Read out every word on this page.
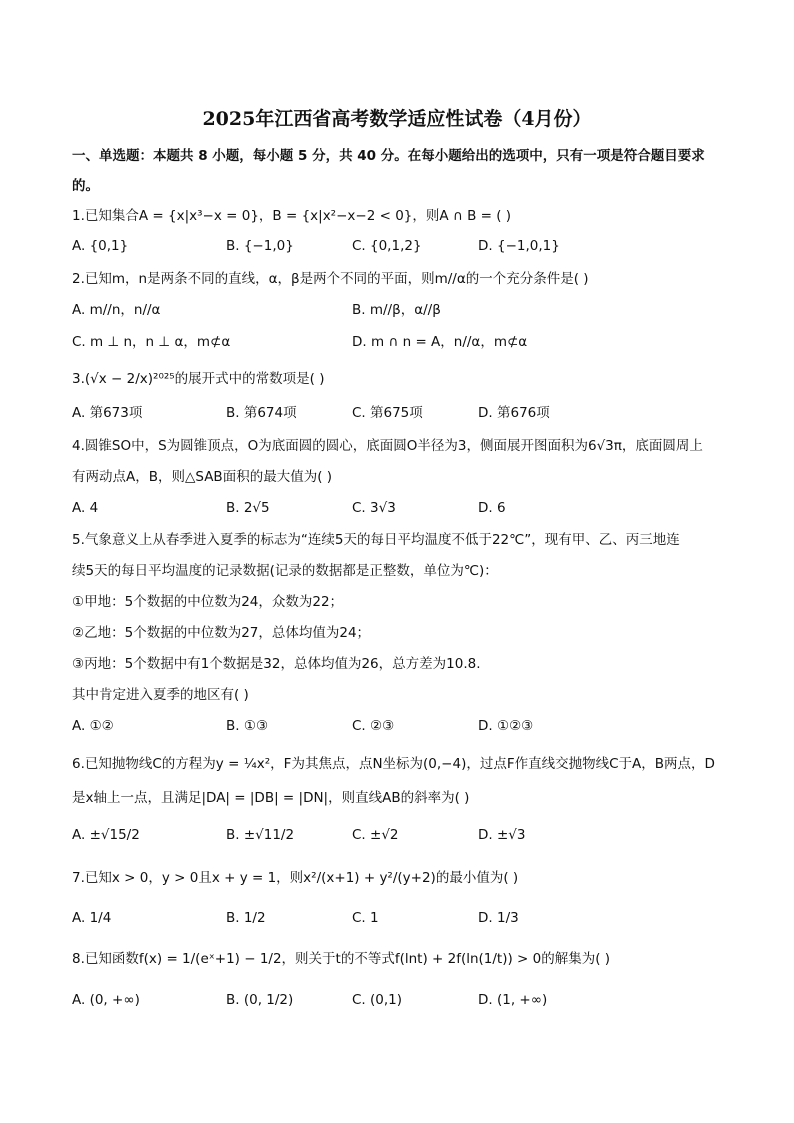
2025年江西省高考数学适应性试卷（4月份）
一、单选题：本题共 8 小题，每小题 5 分，共 40 分。在每小题给出的选项中，只有一项是符合题目要求
的。
1.已知集合A = {x|x³−x = 0}，B = {x|x²−x−2 < 0}，则A ∩ B = ( )
A. {0,1}	B. {−1,0}	C. {0,1,2}	D. {−1,0,1}
2.已知m，n是两条不同的直线，α，β是两个不同的平面，则m//α的一个充分条件是( )
A. m//n，n//α	B. m//β，α//β
C. m ⊥ n，n ⊥ α，m⊄α	D. m ∩ n = A，n//α，m⊄α
3.(√x − 2/x)²⁰²⁵的展开式中的常数项是( )
A. 第673项	B. 第674项	C. 第675项	D. 第676项
4.圆锥SO中，S为圆锥顶点，O为底面圆的圆心，底面圆O半径为3，侧面展开图面积为6√3π，底面圆周上
有两动点A，B，则△SAB面积的最大值为( )
A. 4	B. 2√5	C. 3√3	D. 6
5.气象意义上从春季进入夏季的标志为“连续5天的每日平均温度不低于22℃”，现有甲、乙、丙三地连
续5天的每日平均温度的记录数据(记录的数据都是正整数，单位为℃)：
①甲地：5个数据的中位数为24，众数为22；
②乙地：5个数据的中位数为27，总体均值为24；
③丙地：5个数据中有1个数据是32，总体均值为26，总方差为10.8.
其中肯定进入夏季的地区有( )
A. ①②	B. ①③	C. ②③	D. ①②③
6.已知抛物线C的方程为y = ¼x²，F为其焦点，点N坐标为(0,−4)，过点F作直线交抛物线C于A，B两点，D
是x轴上一点，且满足|DA| = |DB| = |DN|，则直线AB的斜率为( )
A. ±√15/2	B. ±√11/2	C. ±√2	D. ±√3
7.已知x > 0，y > 0且x + y = 1，则x²/(x+1) + y²/(y+2)的最小值为( )
A. 1/4	B. 1/2	C. 1	D. 1/3
8.已知函数f(x) = 1/(eˣ+1) − 1/2，则关于t的不等式f(lnt) + 2f(ln(1/t)) > 0的解集为( )
A. (0, +∞)	B. (0, 1/2)	C. (0,1)	D. (1, +∞)
